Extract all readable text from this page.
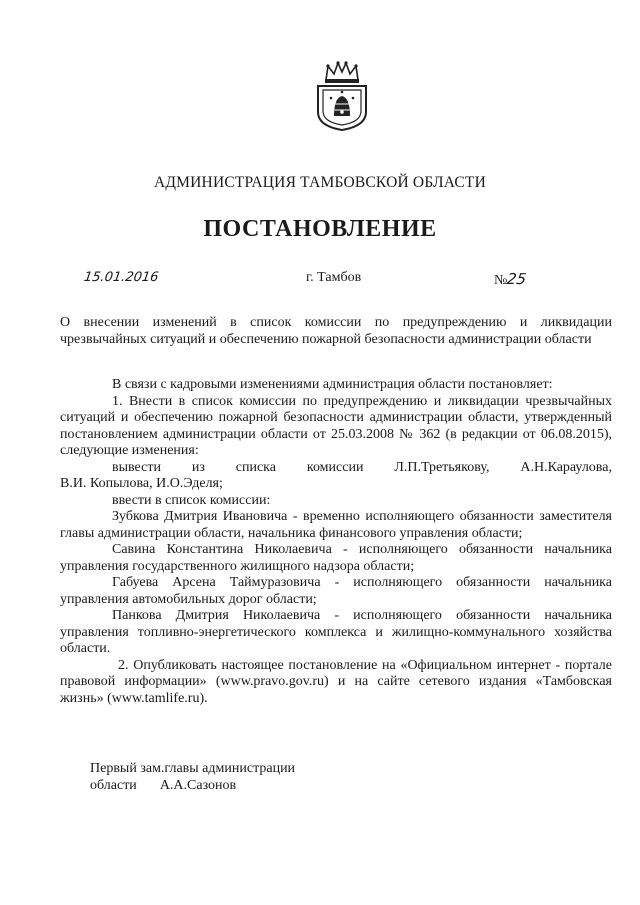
АДМИНИСТРАЦИЯ ТАМБОВСКОЙ ОБЛАСТИ
ПОСТАНОВЛЕНИЕ
15.01.2016	г. Тамбов	№25
О внесении изменений в список комиссии по предупреждению и ликвидации чрезвычайных ситуаций и обеспечению пожарной безопасности администрации области

В связи с кадровыми изменениями администрация области постановляет:

1. Внести в список комиссии по предупреждению и ликвидации чрезвычайных ситуаций и обеспечению пожарной безопасности администрации области, утвержденный постановлением администрации области от 25.03.2008 № 362 (в редакции от 06.08.2015), следующие изменения:

вывести из списка комиссии Л.П.Третьякову, А.Н.Караулова,

В.И. Копылова, И.О.Эделя;

ввести в список комиссии:

Зубкова Дмитрия Ивановича - временно исполняющего обязанности заместителя главы администрации области, начальника финансового управления области;

Савина Константина Николаевича - исполняющего обязанности начальника управления государственного жилищного надзора области;

Габуева Арсена Таймуразовича - исполняющего обязанности начальника управления автомобильных дорог области;

Панкова Дмитрия Николаевича - исполняющего обязанности начальника управления топливно-энергетического комплекса и жилищно-коммунального хозяйства области.

2. Опубликовать настоящее постановление на «Официальном интернет - портале правовой информации» (www.pravo.gov.ru) и на сайте сетевого издания «Тамбовская жизнь» (www.tamlife.ru).

Первый зам.главы администрации
области А.А.Сазонов
